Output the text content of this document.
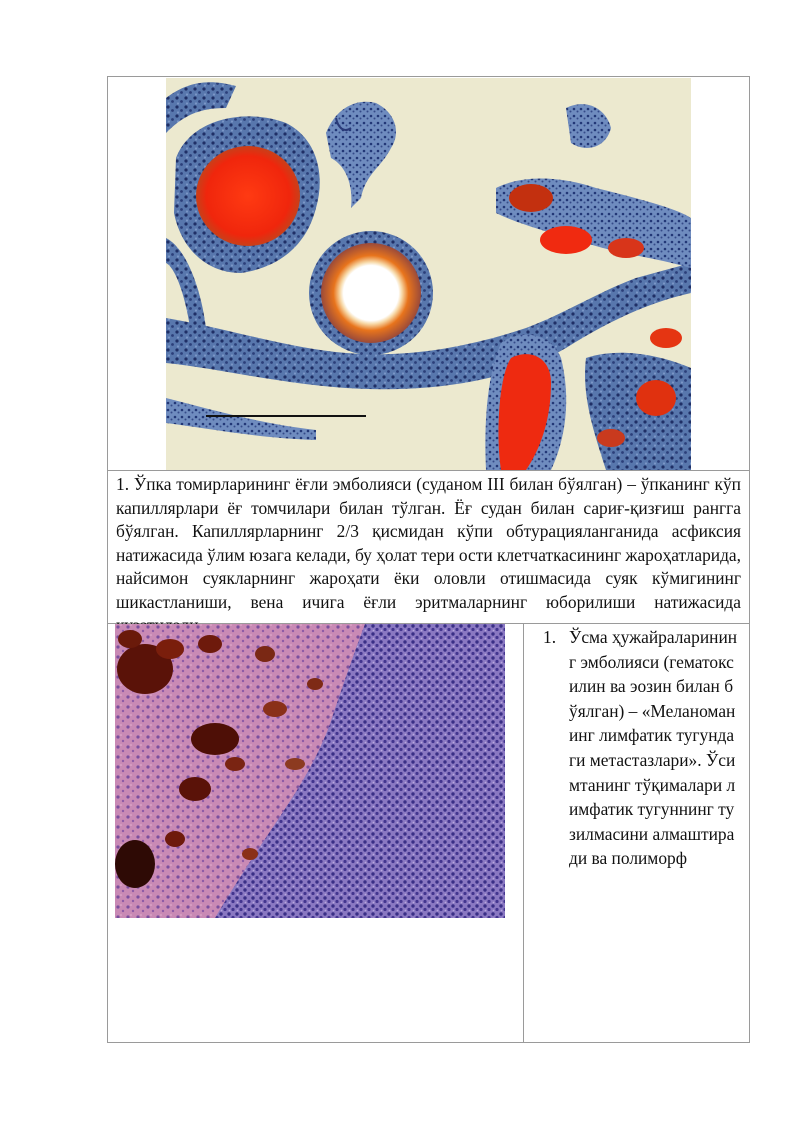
1. Ўпка томирларининг ёғли эмболияси (суданом III билан бўялган) – ўпканинг кўп капиллярлари ёғ томчилари билан тўлган. Ёғ судан билан сариғ-қизғиш рангга бўялган. Капиллярларнинг 2/3 қисмидан кўпи обтурацияланганида асфиксия натижасида ўлим юзага келади, бу ҳолат тери ости клетчаткасининг жароҳатларида, найсимон суякларнинг жароҳати ёки оловли отишмасида суяк кўмигининг шикастланиши, вена ичига ёғли эритмаларнинг юборилиши натижасида

1. Ўсма ҳужайраларининг эмболияси (гематоксилин ва эозин билан бўялган) – «Меланоманинг лимфатик тугундаги метастазлари». Ўсимтанинг тўқималари лимфатик тугуннинг тузилмасини алмаштиради ва полиморф
